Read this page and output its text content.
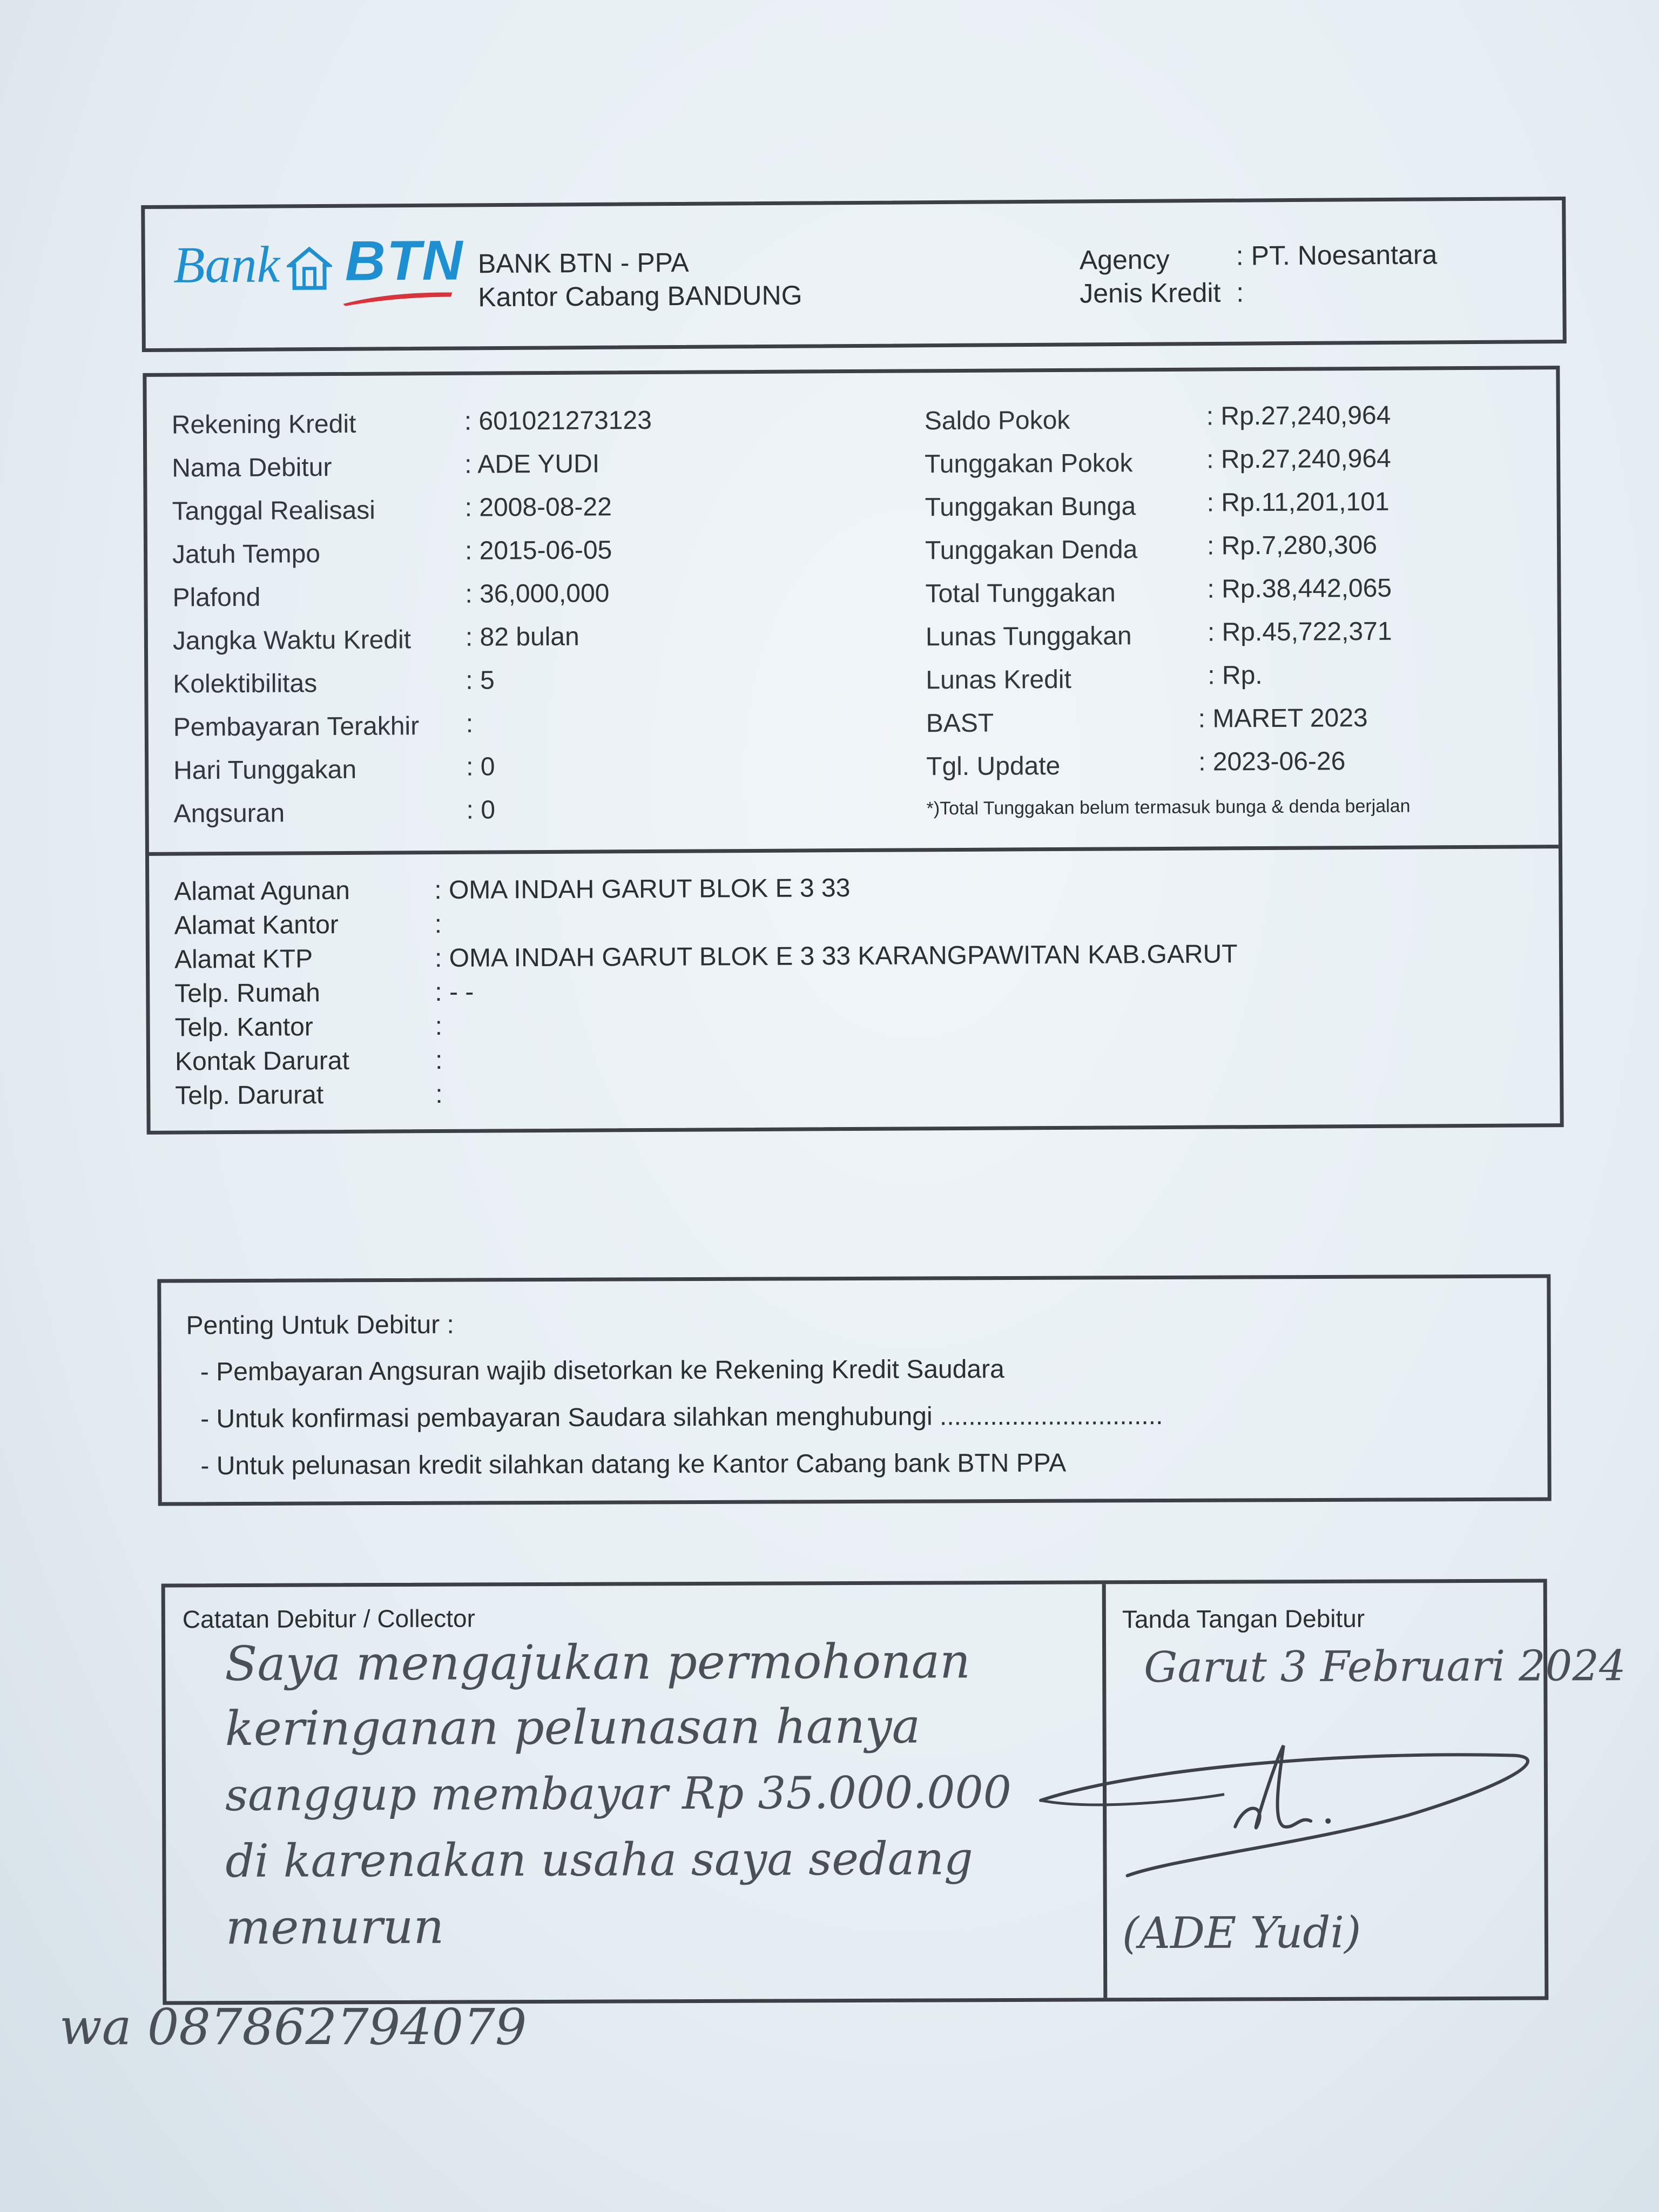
Bank BTN BANK BTN - PPA
Kantor Cabang BANDUNG
Agency : PT. Noesantara
Jenis Kredit :
Rekening Kredit	: 601021273123
Nama Debitur	: ADE YUDI
Tanggal Realisasi	: 2008-08-22
Jatuh Tempo	: 2015-06-05
Plafond	: 36,000,000
Jangka Waktu Kredit : 82 bulan
Kolektibilitas	: 5
Pembayaran Terakhir :
Hari Tunggakan	: 0
Angsuran	: 0
Saldo Pokok	: Rp.27,240,964
Tunggakan Pokok	: Rp.27,240,964
Tunggakan Bunga	: Rp.11,201,101
Tunggakan Denda	: Rp.7,280,306
Total Tunggakan	: Rp.38,442,065
Lunas Tunggakan	: Rp.45,722,371
Lunas Kredit	: Rp.
BAST	: MARET 2023
Tgl. Update	: 2023-06-26
*)Total Tunggakan belum termasuk bunga & denda berjalan
Alamat Agunan	: OMA INDAH GARUT BLOK E 3 33
Alamat Kantor	:
Alamat KTP	: OMA INDAH GARUT BLOK E 3 33 KARANGPAWITAN KAB.GARUT
Telp. Rumah	: - -
Telp. Kantor	:
Kontak Darurat	:
Telp. Darurat	:
Penting Untuk Debitur :
- Pembayaran Angsuran wajib disetorkan ke Rekening Kredit Saudara
- Untuk konfirmasi pembayaran Saudara silahkan menghubungi ...............................
- Untuk pelunasan kredit silahkan datang ke Kantor Cabang bank BTN PPA
Catatan Debitur / Collector	Tanda Tangan Debitur
Saya mengajukan permohonan
keringanan pelunasan hanya
sanggup membayar Rp 35.000.000
di karenakan usaha saya sedang
menurun
Garut 3 Februari 2024
(ADE Yudi)
wa 087862794079
